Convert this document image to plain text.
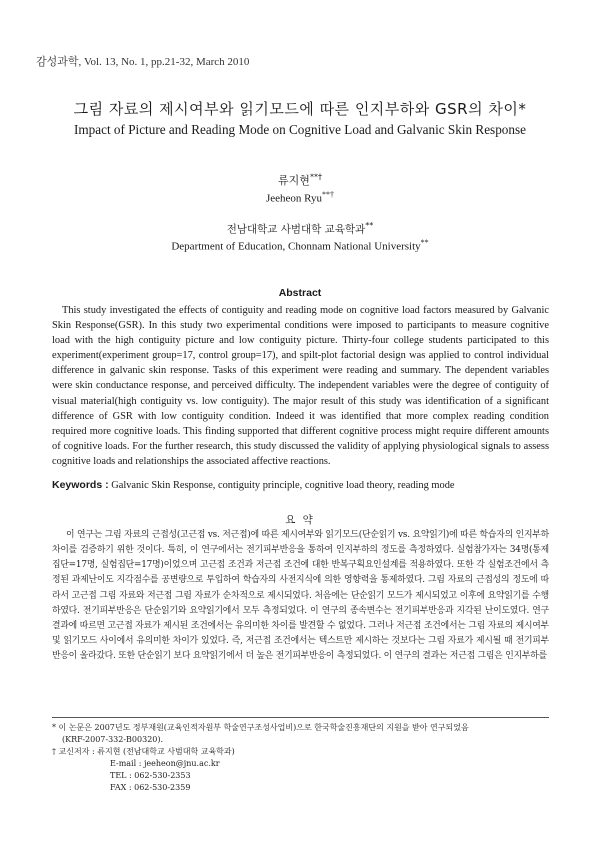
감성과학, Vol. 13, No. 1, pp.21-32, March 2010
그림 자료의 제시여부와 읽기모드에 따른 인지부하와 GSR의 차이*
Impact of Picture and Reading Mode on Cognitive Load and Galvanic Skin Response
류지현**†
Jeeheon Ryu**†
전남대학교 사범대학 교육학과**
Department of Education, Chonnam National University**
Abstract
This study investigated the effects of contiguity and reading mode on cognitive load factors measured by Galvanic Skin Response(GSR). In this study two experimental conditions were imposed to participants to measure cognitive load with the high contiguity picture and low contiguity picture. Thirty-four college students participated to this experiment(experiment group=17, control group=17), and spilt-plot factorial design was applied to control individual difference in galvanic skin response. Tasks of this experiment were reading and summary. The dependent variables were skin conductance response, and perceived difficulty. The independent variables were the degree of contiguity of visual material(high contiguity vs. low contiguity). The major result of this study was identification of a significant difference of GSR with low contiguity condition. Indeed it was identified that more complex reading condition required more cognitive loads. This finding supported that different cognitive process might require different amounts of cognitive loads. For the further research, this study discussed the validity of applying physiological signals to assess cognitive loads and relationships the associated affective reactions.
Keywords : Galvanic Skin Response, contiguity principle, cognitive load theory, reading mode
요 약
이 연구는 그림 자료의 근접성(고근접 vs. 저근접)에 따른 제시여부와 읽기모드(단순읽기 vs. 요약읽기)에 따른 학습자의 인지부하 차이를 검증하기 위한 것이다. 특히, 이 연구에서는 전기피부반응을 통하여 인지부하의 정도를 측정하였다. 실험참가자는 34명(통제집단=17명, 실험집단=17명)이었으며 고근접 조건과 저근접 조건에 대한 반복구획요인설계를 적용하였다. 또한 각 실험조건에서 측정된 과제난이도 지각점수를 공변량으로 투입하여 학습자의 사전지식에 의한 영향력을 통제하였다. 그림 자료의 근접성의 정도에 따라서 고근접 그림 자료와 저근접 그림 자료가 순차적으로 제시되었다. 처음에는 단순읽기 모드가 제시되었고 이후에 요약읽기를 수행하였다. 전기피부반응은 단순읽기와 요약읽기에서 모두 측정되었다. 이 연구의 종속변수는 전기피부반응과 지각된 난이도였다. 연구결과에 따르면 고근접 자료가 제시된 조건에서는 유의미한 차이를 발견할 수 없었다. 그러나 저근접 조건에서는 그림 자료의 제시여부 및 읽기모드 사이에서 유의미한 차이가 있었다. 즉, 저근접 조건에서는 텍스트만 제시하는 것보다는 그림 자료가 제시될 때 전기피부반응이 올라갔다. 또한 단순읽기 보다 요약읽기에서 더 높은 전기피부반응이 측정되었다. 이 연구의 결과는 저근접 그림은 인지부하를
* 이 논문은 2007년도 정부재원(교육인적자원부 학술연구조성사업비)으로 한국학술진흥재단의 지원을 받아 연구되었음
(KRF-2007-332-B00320).
† 교신저자 : 류지현 (전남대학교 사범대학 교육학과)
E-mail : jeeheon@jnu.ac.kr
TEL : 062-530-2353
FAX : 062-530-2359
